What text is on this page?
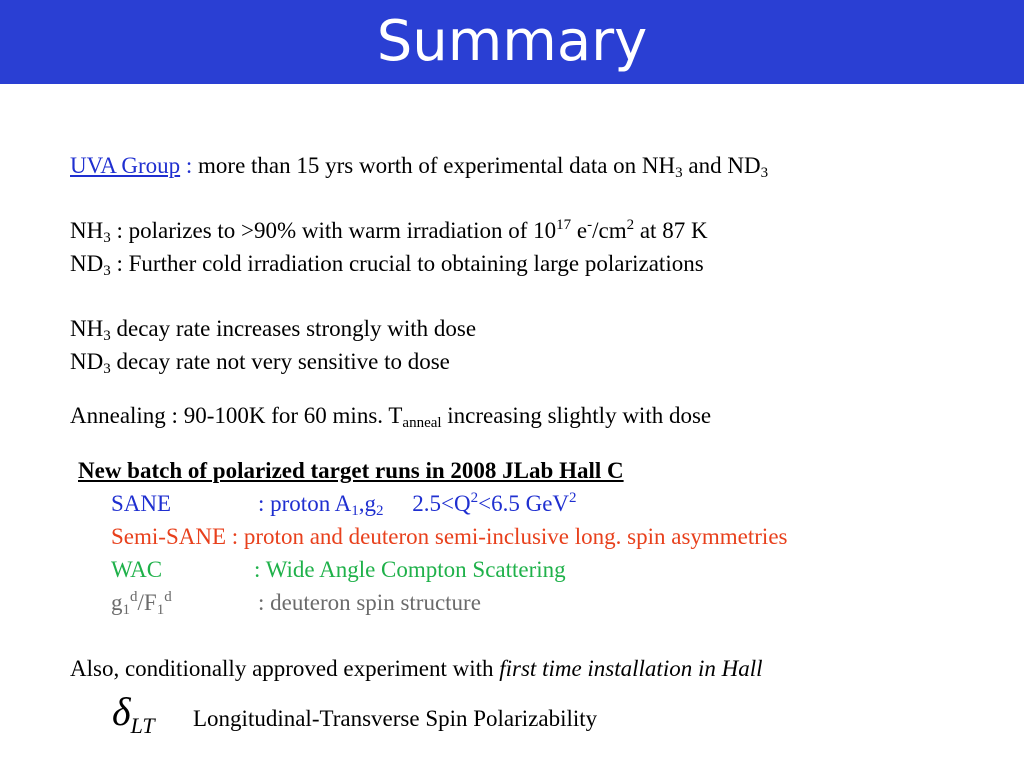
Summary
UVA Group : more than 15 yrs worth of experimental data on $NH_3$ and $ND_3$
$NH_3$ : polarizes to >90% with warm irradiation of $10^{17}$ $e^-/cm^2$ at 87 K
$ND_3$ : Further cold irradiation crucial to obtaining large polarizations
$NH_3$ decay rate increases strongly with dose
$ND_3$ decay rate not very sensitive to dose
Annealing : 90-100K for 60 mins. $T_{anneal}$ increasing slightly with dose
New batch of polarized target runs in 2008 JLab Hall C
SANE	: proton $A_1,g_2$     $2.5<Q^2<6.5$ GeV$^2$
Semi-SANE : proton and deuteron semi-inclusive long. spin asymmetries
WAC	: Wide Angle Compton Scattering
$g_1^d/F_1^d$	: deuteron spin structure
Also, conditionally approved experiment with first time installation in Hall
$\delta_{LT}$ Longitudinal-Transverse Spin Polarizability
